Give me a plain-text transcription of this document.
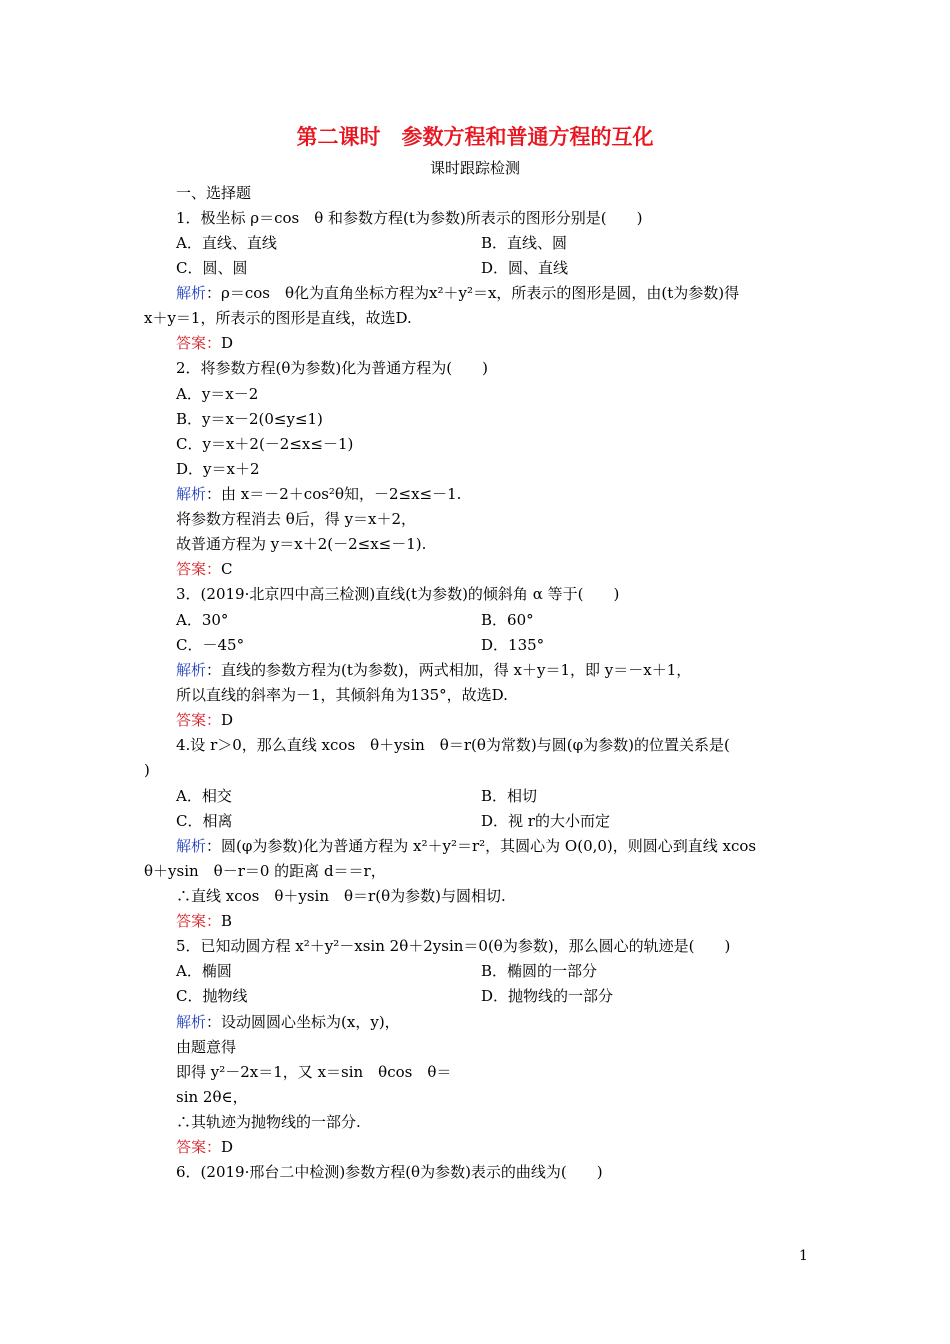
第二课时　参数方程和普通方程的互化
课时跟踪检测
一、选择题
1．极坐标 ρ＝cos　θ 和参数方程(t为参数)所表示的图形分别是(　　)
A．直线、直线	B．直线、圆
C．圆、圆	D．圆、直线
解析：ρ＝cos　θ化为直角坐标方程为x²＋y²＝x，所表示的图形是圆，由(t为参数)得
x＋y＝1，所表示的图形是直线，故选D.
答案：D
2．将参数方程(θ为参数)化为普通方程为(　　)
A．y＝x－2
B．y＝x－2(0≤y≤1)
C．y＝x＋2(－2≤x≤－1)
D．y＝x＋2
解析：由 x＝－2＋cos²θ知，－2≤x≤－1.
将参数方程消去 θ后，得 y＝x＋2，
故普通方程为 y＝x＋2(－2≤x≤－1).
答案：C
3．(2019·北京四中高三检测)直线(t为参数)的倾斜角 α 等于(　　)
A．30°	B．60°
C．－45°	D．135°
解析：直线的参数方程为(t为参数)，两式相加，得 x＋y＝1，即 y＝－x＋1，
所以直线的斜率为－1，其倾斜角为135°，故选D.
答案：D
4.设 r＞0，那么直线 xcos　θ＋ysin　θ＝r(θ为常数)与圆(φ为参数)的位置关系是(
)
A．相交	B．相切
C．相离	D．视 r的大小而定
解析：圆(φ为参数)化为普通方程为 x²＋y²＝r²，其圆心为 O(0,0)，则圆心到直线 xcos
θ＋ysin　θ－r＝0 的距离 d＝＝r，
∴直线 xcos　θ＋ysin　θ＝r(θ为参数)与圆相切.
答案：B
5．已知动圆方程 x²＋y²－xsin 2θ＋2ysin＝0(θ为参数)，那么圆心的轨迹是(　　)
A．椭圆	B．椭圆的一部分
C．抛物线	D．抛物线的一部分
解析：设动圆圆心坐标为(x，y)，
由题意得
即得 y²－2x＝1，又 x＝sin　θcos　θ＝
sin 2θ∈，
∴其轨迹为抛物线的一部分.
答案：D
6．(2019·邢台二中检测)参数方程(θ为参数)表示的曲线为(　　)
1
